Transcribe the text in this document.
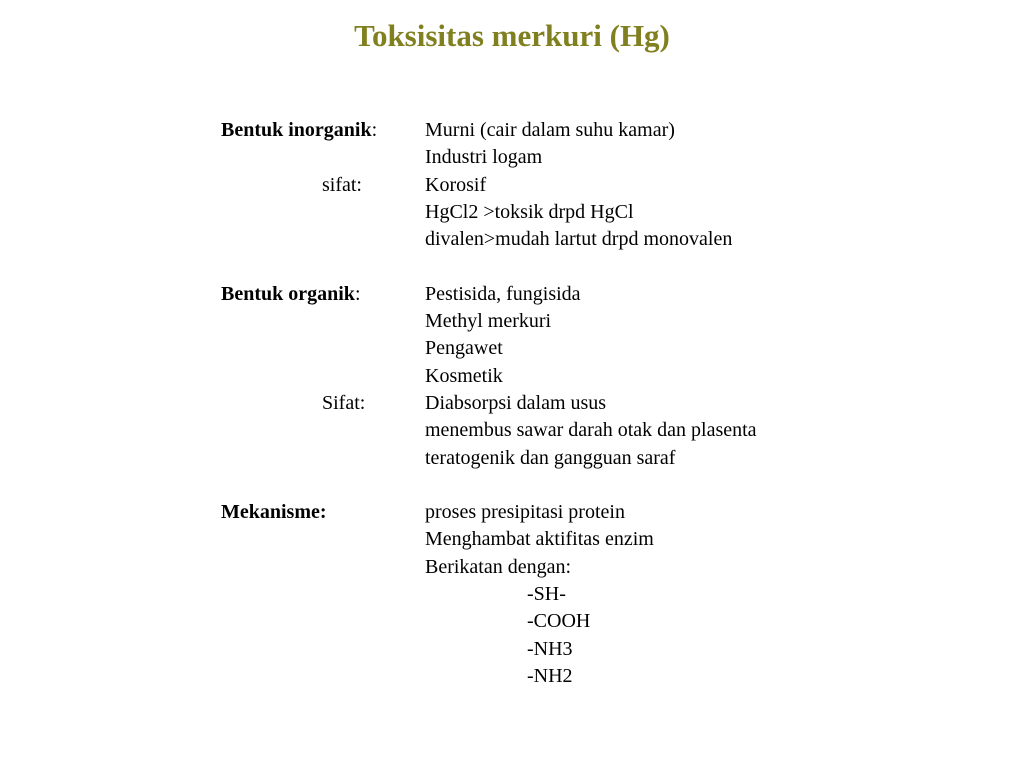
Toksisitas merkuri (Hg)
Bentuk inorganik: Murni (cair dalam suhu kamar)
Industri logam
sifat:	Korosif
HgCl2 >toksik drpd HgCl
divalen>mudah lartut drpd monovalen
Bentuk organik:	Pestisida, fungisida
Methyl merkuri
Pengawet
Kosmetik
Sifat:	Diabsorpsi dalam usus
menembus sawar darah otak dan plasenta
teratogenik dan gangguan saraf
Mekanisme:	proses presipitasi protein
Menghambat aktifitas enzim
Berikatan dengan:
-SH-
-COOH
-NH3
-NH2
